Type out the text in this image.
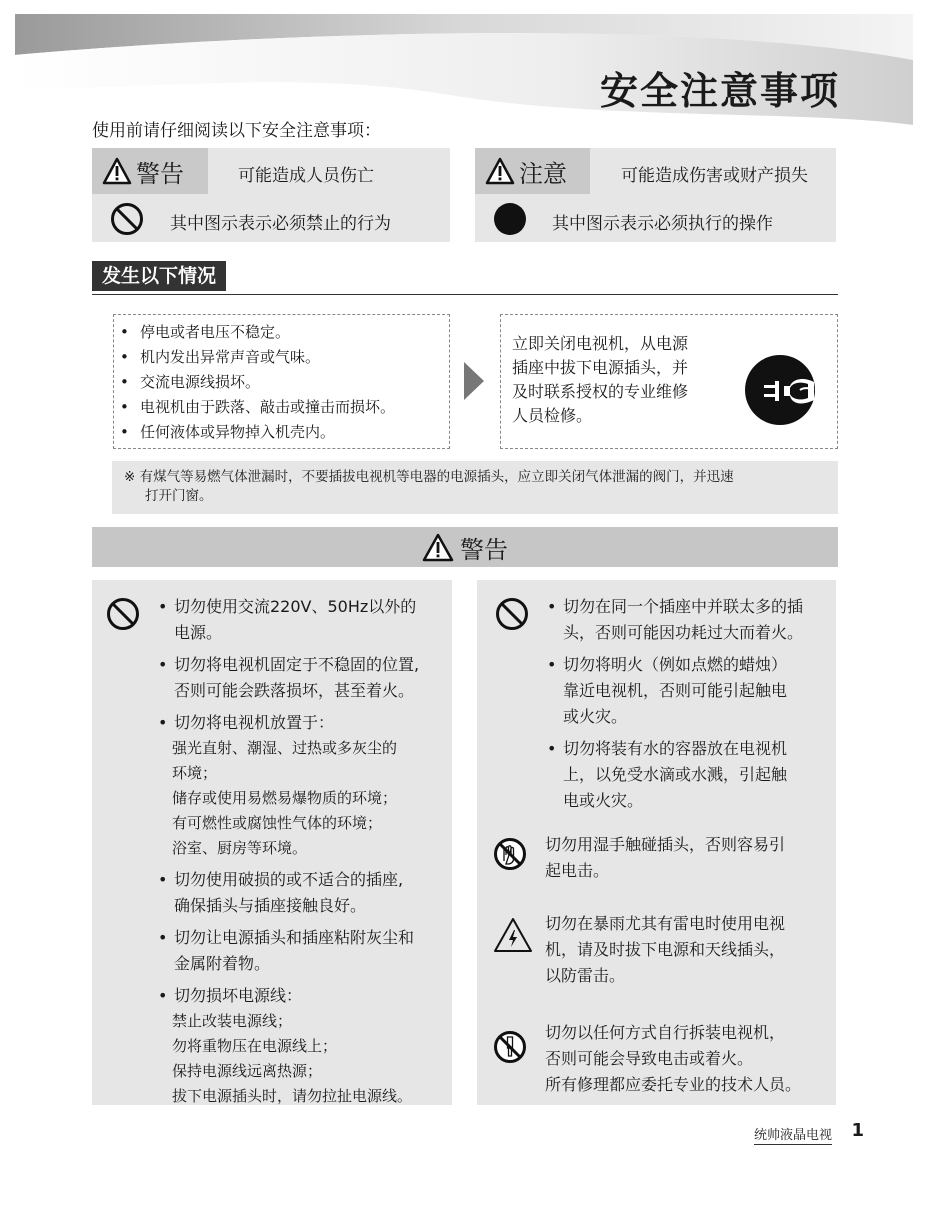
安全注意事项
使用前请仔细阅读以下安全注意事项：
警告	可能造成人员伤亡
其中图示表示必须禁止的行为
注意	可能造成伤害或财产损失
其中图示表示必须执行的操作
发生以下情况
• 停电或者电压不稳定。
• 机内发出异常声音或气味。
• 交流电源线损坏。
• 电视机由于跌落、敲击或撞击而损坏。
• 任何液体或异物掉入机壳内。
立即关闭电视机，从电源
插座中拔下电源插头，并
及时联系授权的专业维修
人员检修。
※ 有煤气等易燃气体泄漏时，不要插拔电视机等电器的电源插头，应立即关闭气体泄漏的阀门，并迅速
打开门窗。
警告
• 切勿使用交流220V、50Hz以外的
电源。
• 切勿将电视机固定于不稳固的位置,
否则可能会跌落损坏，甚至着火。
• 切勿将电视机放置于：
强光直射、潮湿、过热或多灰尘的
环境；
储存或使用易燃易爆物质的环境；
有可燃性或腐蚀性气体的环境；
浴室、厨房等环境。
• 切勿使用破损的或不适合的插座,
确保插头与插座接触良好。
• 切勿让电源插头和插座粘附灰尘和
金属附着物。
• 切勿损坏电源线：
禁止改装电源线；
勿将重物压在电源线上；
保持电源线远离热源；
拔下电源插头时，请勿拉扯电源线。
• 切勿在同一个插座中并联太多的插
头，否则可能因功耗过大而着火。
• 切勿将明火（例如点燃的蜡烛）
靠近电视机，否则可能引起触电
或火灾。
• 切勿将装有水的容器放在电视机
上，以免受水滴或水溅，引起触
电或火灾。
切勿用湿手触碰插头，否则容易引
起电击。
切勿在暴雨尤其有雷电时使用电视
机，请及时拔下电源和天线插头，
以防雷击。
切勿以任何方式自行拆装电视机，
否则可能会导致电击或着火。
所有修理都应委托专业的技术人员。
统帅液晶电视 1
